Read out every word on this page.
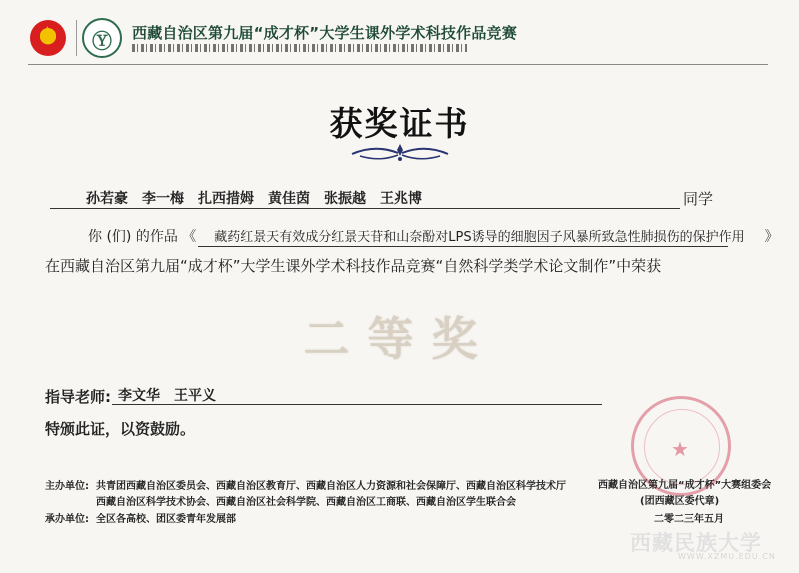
★ Ⓨ 西藏自治区第九届“成才杯”大学生课外学术科技作品竞赛
获奖证书
孙若豪　李一梅　扎西措姆　黄佳茵　张振越　王兆博	同学
你 (们) 的作品 《 藏药红景天有效成分红景天苷和山奈酚对LPS诱导的细胞因子风暴所致急性肺损伤的保护作用 》
在西藏自治区第九届“成才杯”大学生课外学术科技作品竞赛“自然科学类学术论文制作”中荣获
二等奖
指导老师: 李文华　王平义
特颁此证，以资鼓励。
主办单位: 共青团西藏自治区委员会、西藏自治区教育厅、西藏自治区人力资源和社会保障厅、西藏自治区科学技术厅
西藏自治区科学技术协会、西藏自治区社会科学院、西藏自治区工商联、西藏自治区学生联合会
承办单位: 全区各高校、团区委青年发展部
★
西藏自治区第九届“成才杯”大赛组委会
(团西藏区委代章)
二零二三年五月
西藏民族大学
WWW.XZMU.EDU.CN
